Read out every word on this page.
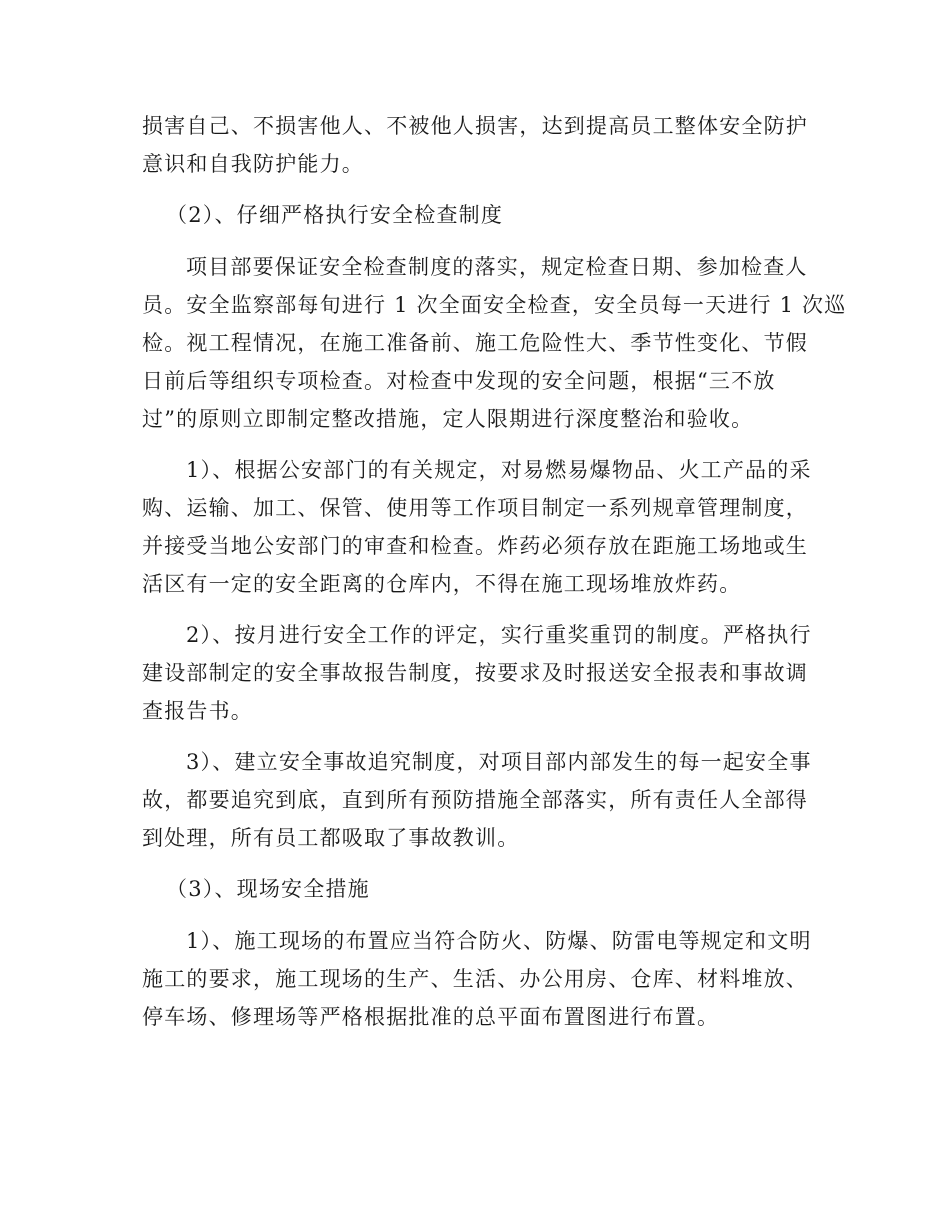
损害自己、不损害他人、不被他人损害，达到提高员工整体安全防护
意识和自我防护能力。
（2）、仔细严格执行安全检查制度
项目部要保证安全检查制度的落实，规定检查日期、参加检查人
员。安全监察部每旬进行 1 次全面安全检查，安全员每一天进行 1 次巡
检。视工程情况，在施工准备前、施工危险性大、季节性变化、节假
日前后等组织专项检查。对检查中发现的安全问题，根据“三不放
过”的原则立即制定整改措施，定人限期进行深度整治和验收。
1）、根据公安部门的有关规定，对易燃易爆物品、火工产品的采
购、运输、加工、保管、使用等工作项目制定一系列规章管理制度，
并接受当地公安部门的审查和检查。炸药必须存放在距施工场地或生
活区有一定的安全距离的仓库内，不得在施工现场堆放炸药。
2）、按月进行安全工作的评定，实行重奖重罚的制度。严格执行
建设部制定的安全事故报告制度，按要求及时报送安全报表和事故调
查报告书。
3）、建立安全事故追究制度，对项目部内部发生的每一起安全事
故，都要追究到底，直到所有预防措施全部落实，所有责任人全部得
到处理，所有员工都吸取了事故教训。
（3）、现场安全措施
1）、施工现场的布置应当符合防火、防爆、防雷电等规定和文明
施工的要求，施工现场的生产、生活、办公用房、仓库、材料堆放、
停车场、修理场等严格根据批准的总平面布置图进行布置。
